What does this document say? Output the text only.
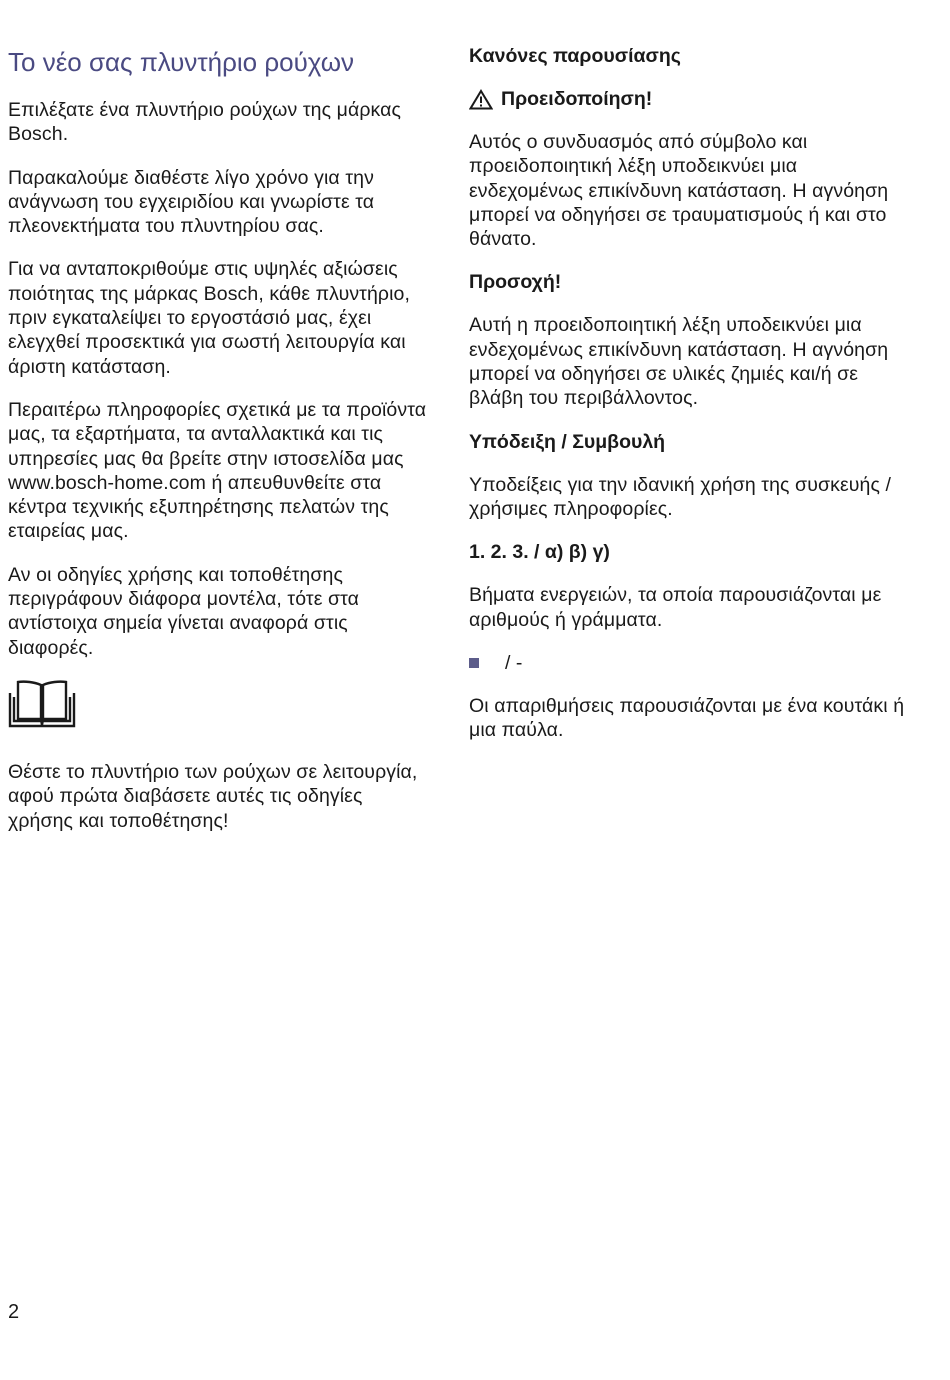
Το νέο σας πλυντήριο ρούχων

Επιλέξατε ένα πλυντήριο ρούχων της μάρκας Bosch.

Παρακαλούμε διαθέστε λίγο χρόνο για την ανάγνωση του εγχειριδίου και γνωρίστε τα πλεονεκτήματα του πλυντηρίου σας.

Για να ανταποκριθούμε στις υψηλές αξιώσεις ποιότητας της μάρκας Bosch, κάθε πλυντήριο, πριν εγκαταλείψει το εργοστάσιό μας, έχει ελεγχθεί προσεκτικά για σωστή λειτουργία και άριστη κατάσταση.

Περαιτέρω πληροφορίες σχετικά με τα προϊόντα μας, τα εξαρτήματα, τα ανταλλακτικά και τις υπηρεσίες μας θα βρείτε στην ιστοσελίδα μας www.bosch-home.com ή απευθυνθείτε στα κέντρα τεχνικής εξυπηρέτησης πελατών της εταιρείας μας.

Αν οι οδηγίες χρήσης και τοποθέτησης περιγράφουν διάφορα μοντέλα, τότε στα αντίστοιχα σημεία γίνεται αναφορά στις διαφορές.

Θέστε το πλυντήριο των ρούχων σε λειτουργία, αφού πρώτα διαβάσετε αυτές τις οδηγίες χρήσης και τοποθέτησης!

Κανόνες παρουσίασης
Προειδοποίηση!

Αυτός ο συνδυασμός από σύμβολο και προειδοποιητική λέξη υποδεικνύει μια ενδεχομένως επικίνδυνη κατάσταση. Η αγνόηση μπορεί να οδηγήσει σε τραυματισμούς ή και στο θάνατο.

Προσοχή!

Αυτή η προειδοποιητική λέξη υποδεικνύει μια ενδεχομένως επικίνδυνη κατάσταση. Η αγνόηση μπορεί να οδηγήσει σε υλικές ζημιές και/ή σε βλάβη του περιβάλλοντος.

Υπόδειξη / Συμβουλή

Υποδείξεις για την ιδανική χρήση της συσκευής / χρήσιμες πληροφορίες.

1. 2. 3. / α) β) γ)

Βήματα ενεργειών, τα οποία παρουσιάζονται με αριθμούς ή γράμματα.

/ -

Οι απαριθμήσεις παρουσιάζονται με ένα κουτάκι ή μια παύλα.

2
